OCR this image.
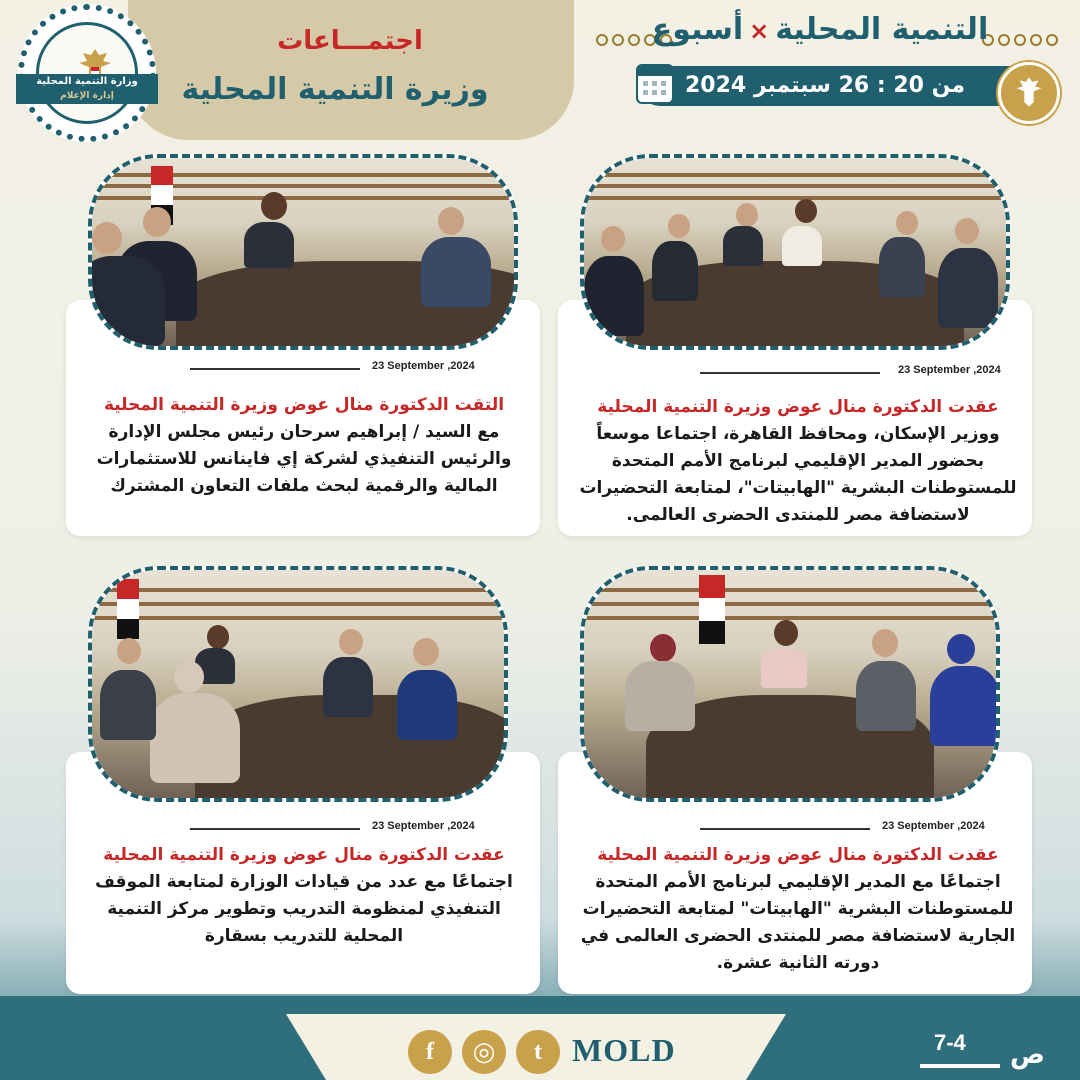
اجتمـــاعات
وزيرة التنمية المحلية
وزارة التنمية المحلية
إدارة الإعلام
التنمية المحلية×أسبوع
من 20 : 26 سبتمبر 2024
23 September ,2024
عقدت الدكتورة منال عوض وزيرة التنمية المحلية
ووزير الإسكان، ومحافظ القاهرة، اجتماعا موسعاً بحضور المدير الإقليمي لبرنامج الأمم المتحدة للمستوطنات البشرية "الهابيتات"، لمتابعة التحضيرات لاستضافة مصر للمنتدى الحضرى العالمى.
23 September ,2024
التقت الدكتورة منال عوض وزيرة التنمية المحلية
مع السيد / إبراهيم سرحان رئيس مجلس الإدارة والرئيس التنفيذي لشركة إي فاينانس للاستثمارات المالية والرقمية لبحث ملفات التعاون المشترك
23 September ,2024
عقدت الدكتورة منال عوض وزيرة التنمية المحلية
اجتماعًا مع المدير الإقليمي لبرنامج الأمم المتحدة للمستوطنات البشرية "الهابيتات" لمتابعة التحضيرات الجارية لاستضافة مصر للمنتدى الحضرى العالمى في دورته الثانية عشرة.
23 September ,2024
عقدت الدكتورة منال عوض وزيرة التنمية المحلية
اجتماعًا مع عدد من قيادات الوزارة لمتابعة الموقف التنفيذي لمنظومة التدريب وتطوير مركز التنمية المحلية للتدريب بسقارة
f	◎	t MOLD	7-4 ص
